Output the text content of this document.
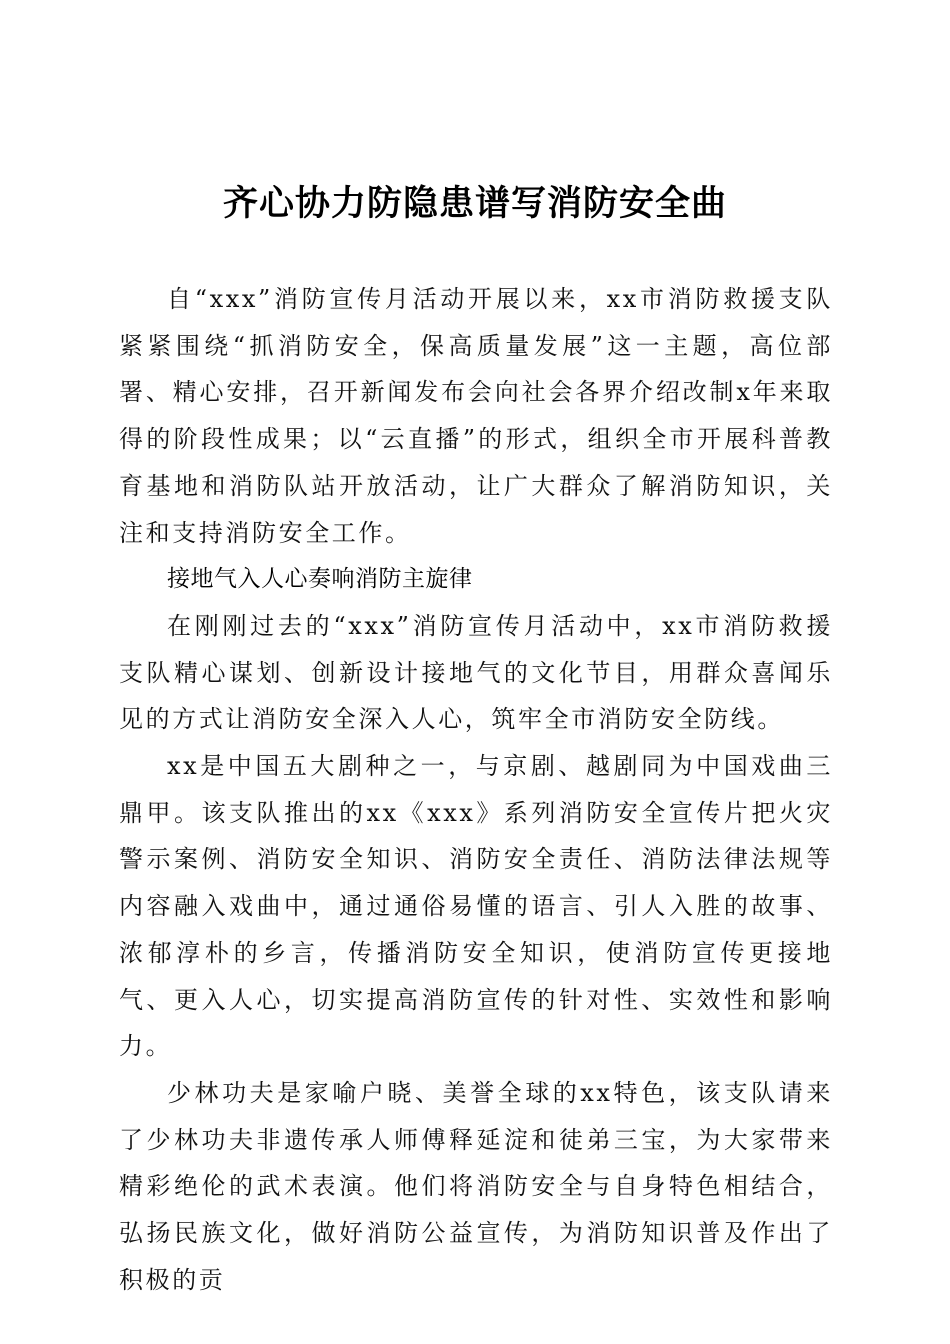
齐心协力防隐患谱写消防安全曲

自“xxx”消防宣传月活动开展以来，xx市消防救援支队紧紧围绕“抓消防安全，保高质量发展”这一主题，高位部署、精心安排，召开新闻发布会向社会各界介绍改制x年来取得的阶段性成果；以“云直播”的形式，组织全市开展科普教育基地和消防队站开放活动，让广大群众了解消防知识，关注和支持消防安全工作。

接地气入人心奏响消防主旋律

在刚刚过去的“xxx”消防宣传月活动中，xx市消防救援支队精心谋划、创新设计接地气的文化节目，用群众喜闻乐见的方式让消防安全深入人心，筑牢全市消防安全防线。

xx是中国五大剧种之一，与京剧、越剧同为中国戏曲三鼎甲。该支队推出的xx《xxx》系列消防安全宣传片把火灾警示案例、消防安全知识、消防安全责任、消防法律法规等内容融入戏曲中，通过通俗易懂的语言、引人入胜的故事、浓郁淳朴的乡言，传播消防安全知识，使消防宣传更接地气、更入人心，切实提高消防宣传的针对性、实效性和影响力。

少林功夫是家喻户晓、美誉全球的xx特色，该支队请来了少林功夫非遗传承人师傅释延淀和徒弟三宝，为大家带来精彩绝伦的武术表演。他们将消防安全与自身特色相结合，弘扬民族文化，做好消防公益宣传，为消防知识普及作出了积极的贡
